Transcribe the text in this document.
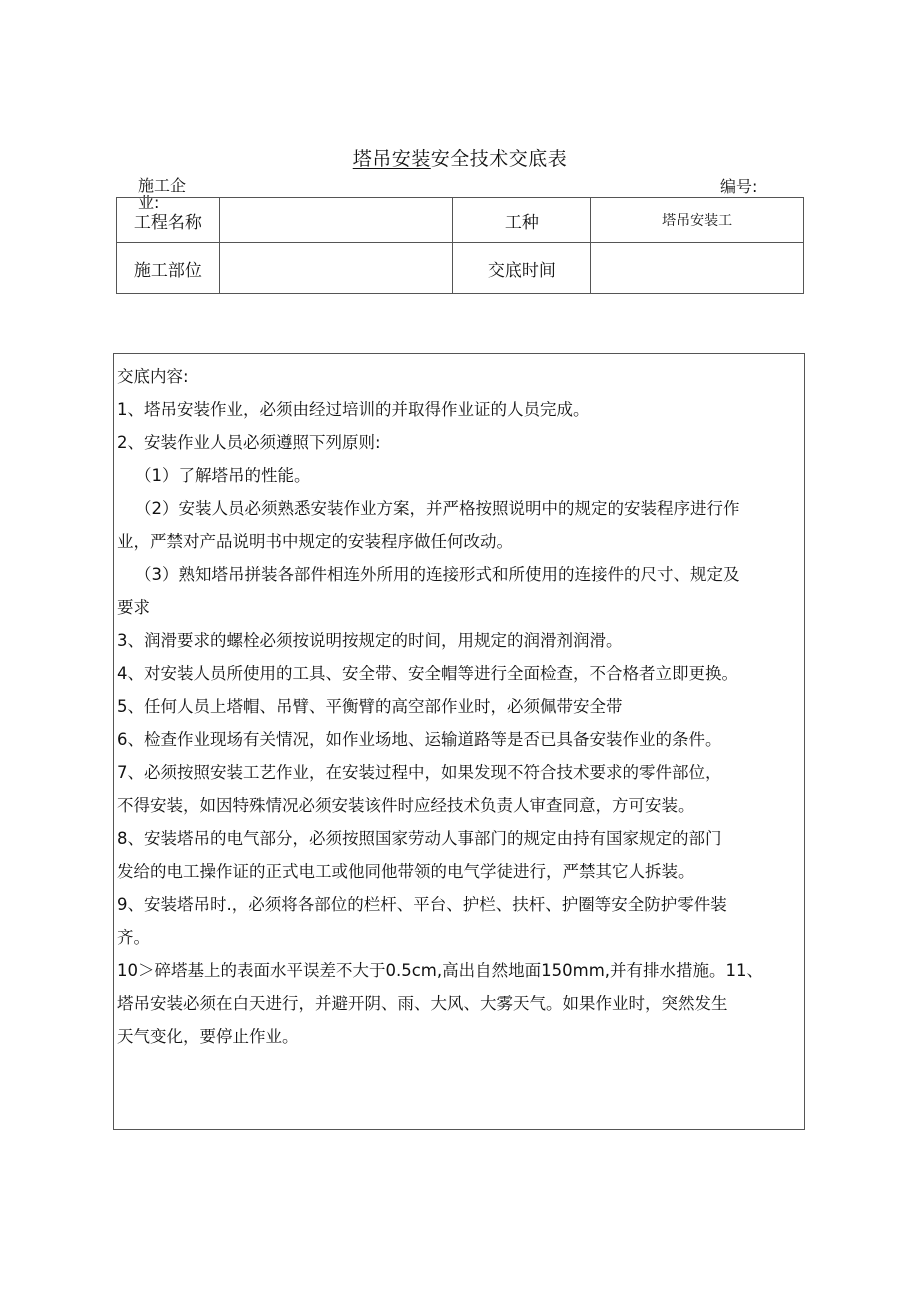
塔吊安装安全技术交底表
施工企
业:
编号:
工程名称		工种	塔吊安装工
施工部位		交底时间	

交底内容:

1、塔吊安装作业，必须由经过培训的并取得作业证的人员完成。

2、安装作业人员必须遵照下列原则:

（1）了解塔吊的性能。

（2）安装人员必须熟悉安装作业方案，并严格按照说明中的规定的安装程序进行作

业，严禁对产品说明书中规定的安装程序做任何改动。

（3）熟知塔吊拼装各部件相连外所用的连接形式和所使用的连接件的尺寸、规定及

要求

3、润滑要求的螺栓必须按说明按规定的时间，用规定的润滑剂润滑。

4、对安装人员所使用的工具、安全带、安全帽等进行全面检查，不合格者立即更换。

5、任何人员上塔帽、吊臂、平衡臂的高空部作业时，必须佩带安全带

6、检查作业现场有关情况，如作业场地、运输道路等是否已具备安装作业的条件。

7、必须按照安装工艺作业，在安装过程中，如果发现不符合技术要求的零件部位，

不得安装，如因特殊情况必须安装该件时应经技术负责人审查同意，方可安装。

8、安装塔吊的电气部分，必须按照国家劳动人事部门的规定由持有国家规定的部门

发给的电工操作证的正式电工或他同他带领的电气学徒进行，严禁其它人拆装。

9、安装塔吊时.，必须将各部位的栏杆、平台、护栏、扶杆、护圈等安全防护零件装

齐。

10＞碎塔基上的表面水平误差不大于0.5cm,高出自然地面150mm,并有排水措施。11、

塔吊安装必须在白天进行，并避开阴、雨、大风、大雾天气。如果作业时，突然发生

天气变化，要停止作业。
